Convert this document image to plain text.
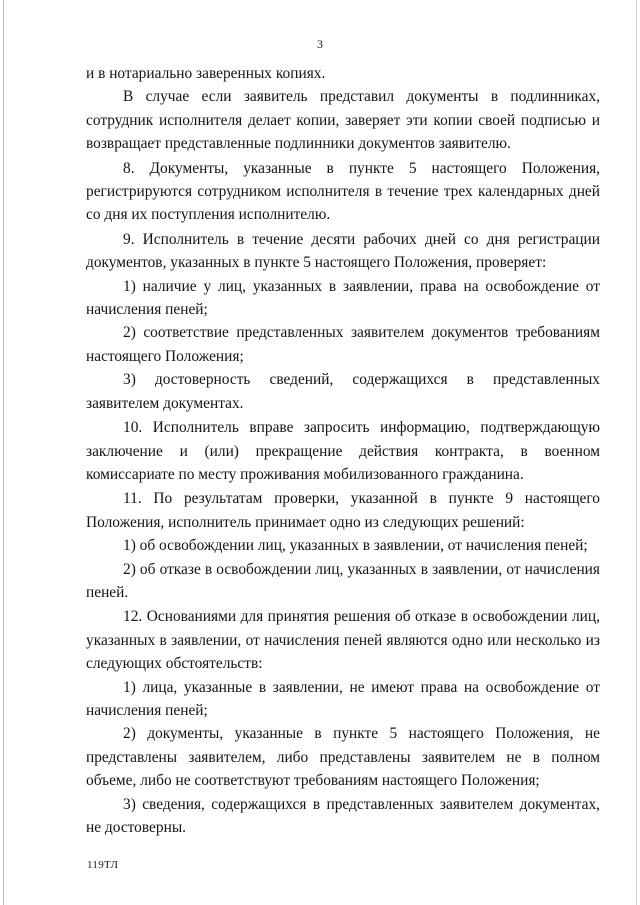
3

и в нотариально заверенных копиях.

В случае если заявитель представил документы в подлинниках, сотрудник исполнителя делает копии, заверяет эти копии своей подписью и возвращает представленные подлинники документов заявителю.

8. Документы, указанные в пункте 5 настоящего Положения, регистрируются сотрудником исполнителя в течение трех календарных дней со дня их поступления исполнителю.

9. Исполнитель в течение десяти рабочих дней со дня регистрации документов, указанных в пункте 5 настоящего Положения, проверяет:

1) наличие у лиц, указанных в заявлении, права на освобождение от начисления пеней;

2) соответствие представленных заявителем документов требованиям настоящего Положения;

3) достоверность сведений, содержащихся в представленных заявителем документах.

10. Исполнитель вправе запросить информацию, подтверждающую заключение и (или) прекращение действия контракта, в военном комиссариате по месту проживания мобилизованного гражданина.

11. По результатам проверки, указанной в пункте 9 настоящего Положения, исполнитель принимает одно из следующих решений:

1) об освобождении лиц, указанных в заявлении, от начисления пеней;

2) об отказе в освобождении лиц, указанных в заявлении, от начисления пеней.

12. Основаниями для принятия решения об отказе в освобождении лиц, указанных в заявлении, от начисления пеней являются одно или несколько из следующих обстоятельств:

1) лица, указанные в заявлении, не имеют права на освобождение от начисления пеней;

2) документы, указанные в пункте 5 настоящего Положения, не представлены заявителем, либо представлены заявителем не в полном объеме, либо не соответствуют требованиям настоящего Положения;

3) сведения, содержащихся в представленных заявителем документах, не достоверны.

119ТЛ
